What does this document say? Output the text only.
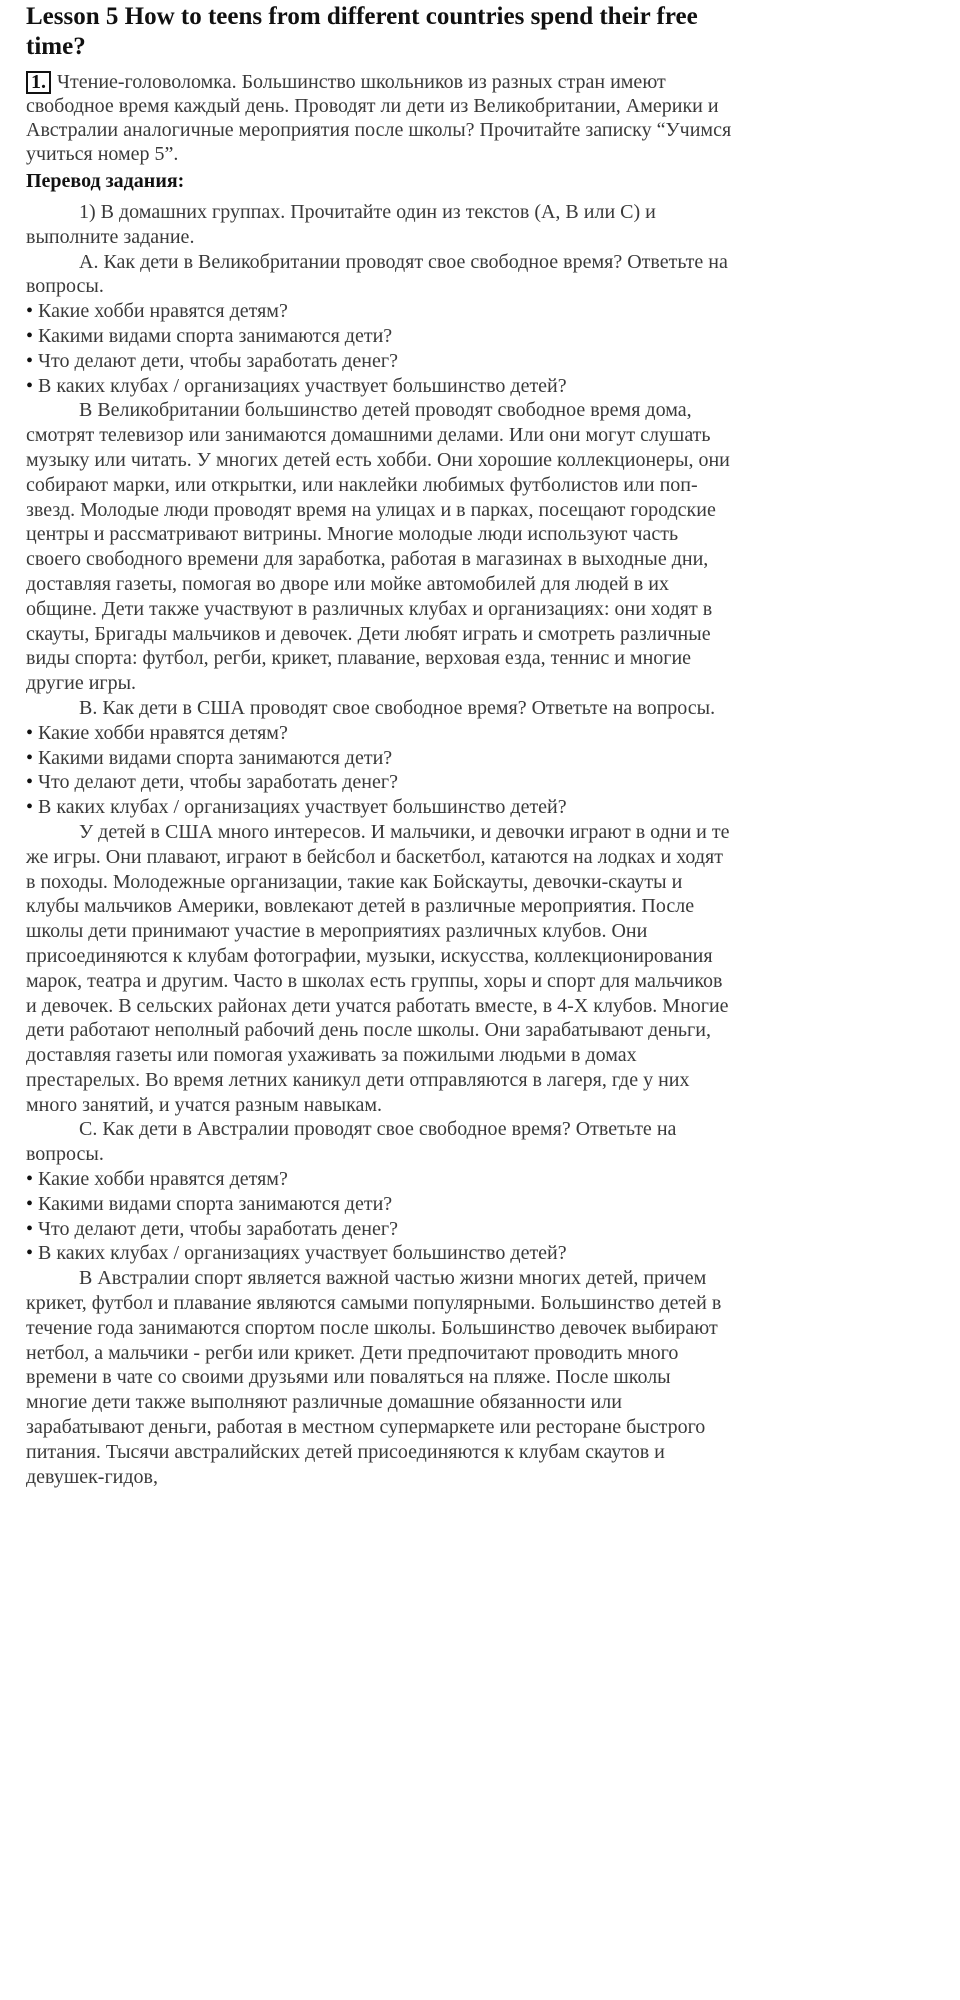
Lesson 5 How to teens from different countries spend their free time?

1. Чтение-головоломка. Большинство школьников из разных стран имеют свободное время каждый день. Проводят ли дети из Великобритании, Америки и Австралии аналогичные мероприятия после школы? Прочитайте записку “Учимся учиться номер 5”.

Перевод задания:

1) В домашних группах. Прочитайте один из текстов (A, B или C) и выполните задание.

A. Как дети в Великобритании проводят свое свободное время? Ответьте на вопросы.

• Какие хобби нравятся детям?

• Какими видами спорта занимаются дети?

• Что делают дети, чтобы заработать денег?

• В каких клубах / организациях участвует большинство детей?

В Великобритании большинство детей проводят свободное время дома, смотрят телевизор или занимаются домашними делами. Или они могут слушать музыку или читать. У многих детей есть хобби. Они хорошие коллекционеры, они собирают марки, или открытки, или наклейки любимых футболистов или поп-звезд. Молодые люди проводят время на улицах и в парках, посещают городские центры и рассматривают витрины. Многие молодые люди используют часть своего свободного времени для заработка, работая в магазинах в выходные дни, доставляя газеты, помогая во дворе или мойке автомобилей для людей в их общине. Дети также участвуют в различных клубах и организациях: они ходят в скауты, Бригады мальчиков и девочек. Дети любят играть и смотреть различные виды спорта: футбол, регби, крикет, плавание, верховая езда, теннис и многие другие игры.

B. Как дети в США проводят свое свободное время? Ответьте на вопросы.

• Какие хобби нравятся детям?

• Какими видами спорта занимаются дети?

• Что делают дети, чтобы заработать денег?

• В каких клубах / организациях участвует большинство детей?

У детей в США много интересов. И мальчики, и девочки играют в одни и те же игры. Они плавают, играют в бейсбол и баскетбол, катаются на лодках и ходят в походы. Молодежные организации, такие как Бойскауты, девочки-скауты и клубы мальчиков Америки, вовлекают детей в различные мероприятия. После школы дети принимают участие в мероприятиях различных клубов. Они присоединяются к клубам фотографии, музыки, искусства, коллекционирования марок, театра и другим. Часто в школах есть группы, хоры и спорт для мальчиков и девочек. В сельских районах дети учатся работать вместе, в 4-Х клубов. Многие дети работают неполный рабочий день после школы. Они зарабатывают деньги, доставляя газеты или помогая ухаживать за пожилыми людьми в домах престарелых. Во время летних каникул дети отправляются в лагеря, где у них много занятий, и учатся разным навыкам.

C. Как дети в Австралии проводят свое свободное время? Ответьте на вопросы.

• Какие хобби нравятся детям?

• Какими видами спорта занимаются дети?

• Что делают дети, чтобы заработать денег?

• В каких клубах / организациях участвует большинство детей?

В Австралии спорт является важной частью жизни многих детей, причем крикет, футбол и плавание являются самыми популярными. Большинство детей в течение года занимаются спортом после школы. Большинство девочек выбирают нетбол, а мальчики - регби или крикет. Дети предпочитают проводить много времени в чате со своими друзьями или поваляться на пляже. После школы многие дети также выполняют различные домашние обязанности или зарабатывают деньги, работая в местном супермаркете или ресторане быстрого питания. Тысячи австралийских детей присоединяются к клубам скаутов и девушек-гидов,
